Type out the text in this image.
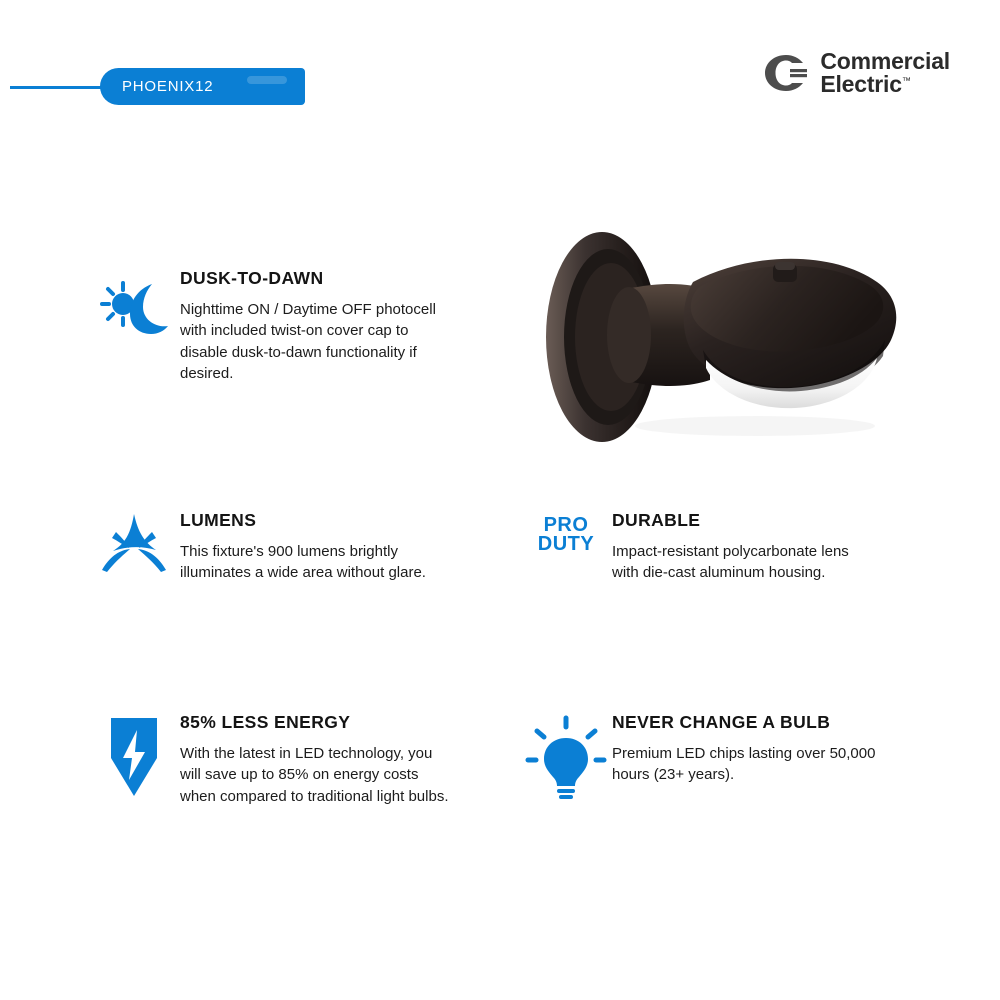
PHOENIX12
Commercial
Electric™
DUSK-TO-DAWN

Nighttime ON / Daytime OFF photocell with included twist-on cover cap to disable dusk-to-dawn functionality if desired.

LUMENS

This fixture's 900 lumens brightly illuminates a wide area without glare.

PRO
DUTY
DURABLE

Impact-resistant polycarbonate lens with die-cast aluminum housing.

85% LESS ENERGY

With the latest in LED technology, you will save up to 85% on energy costs when compared to traditional light bulbs.

NEVER CHANGE A BULB

Premium LED chips lasting over 50,000 hours (23+ years).
